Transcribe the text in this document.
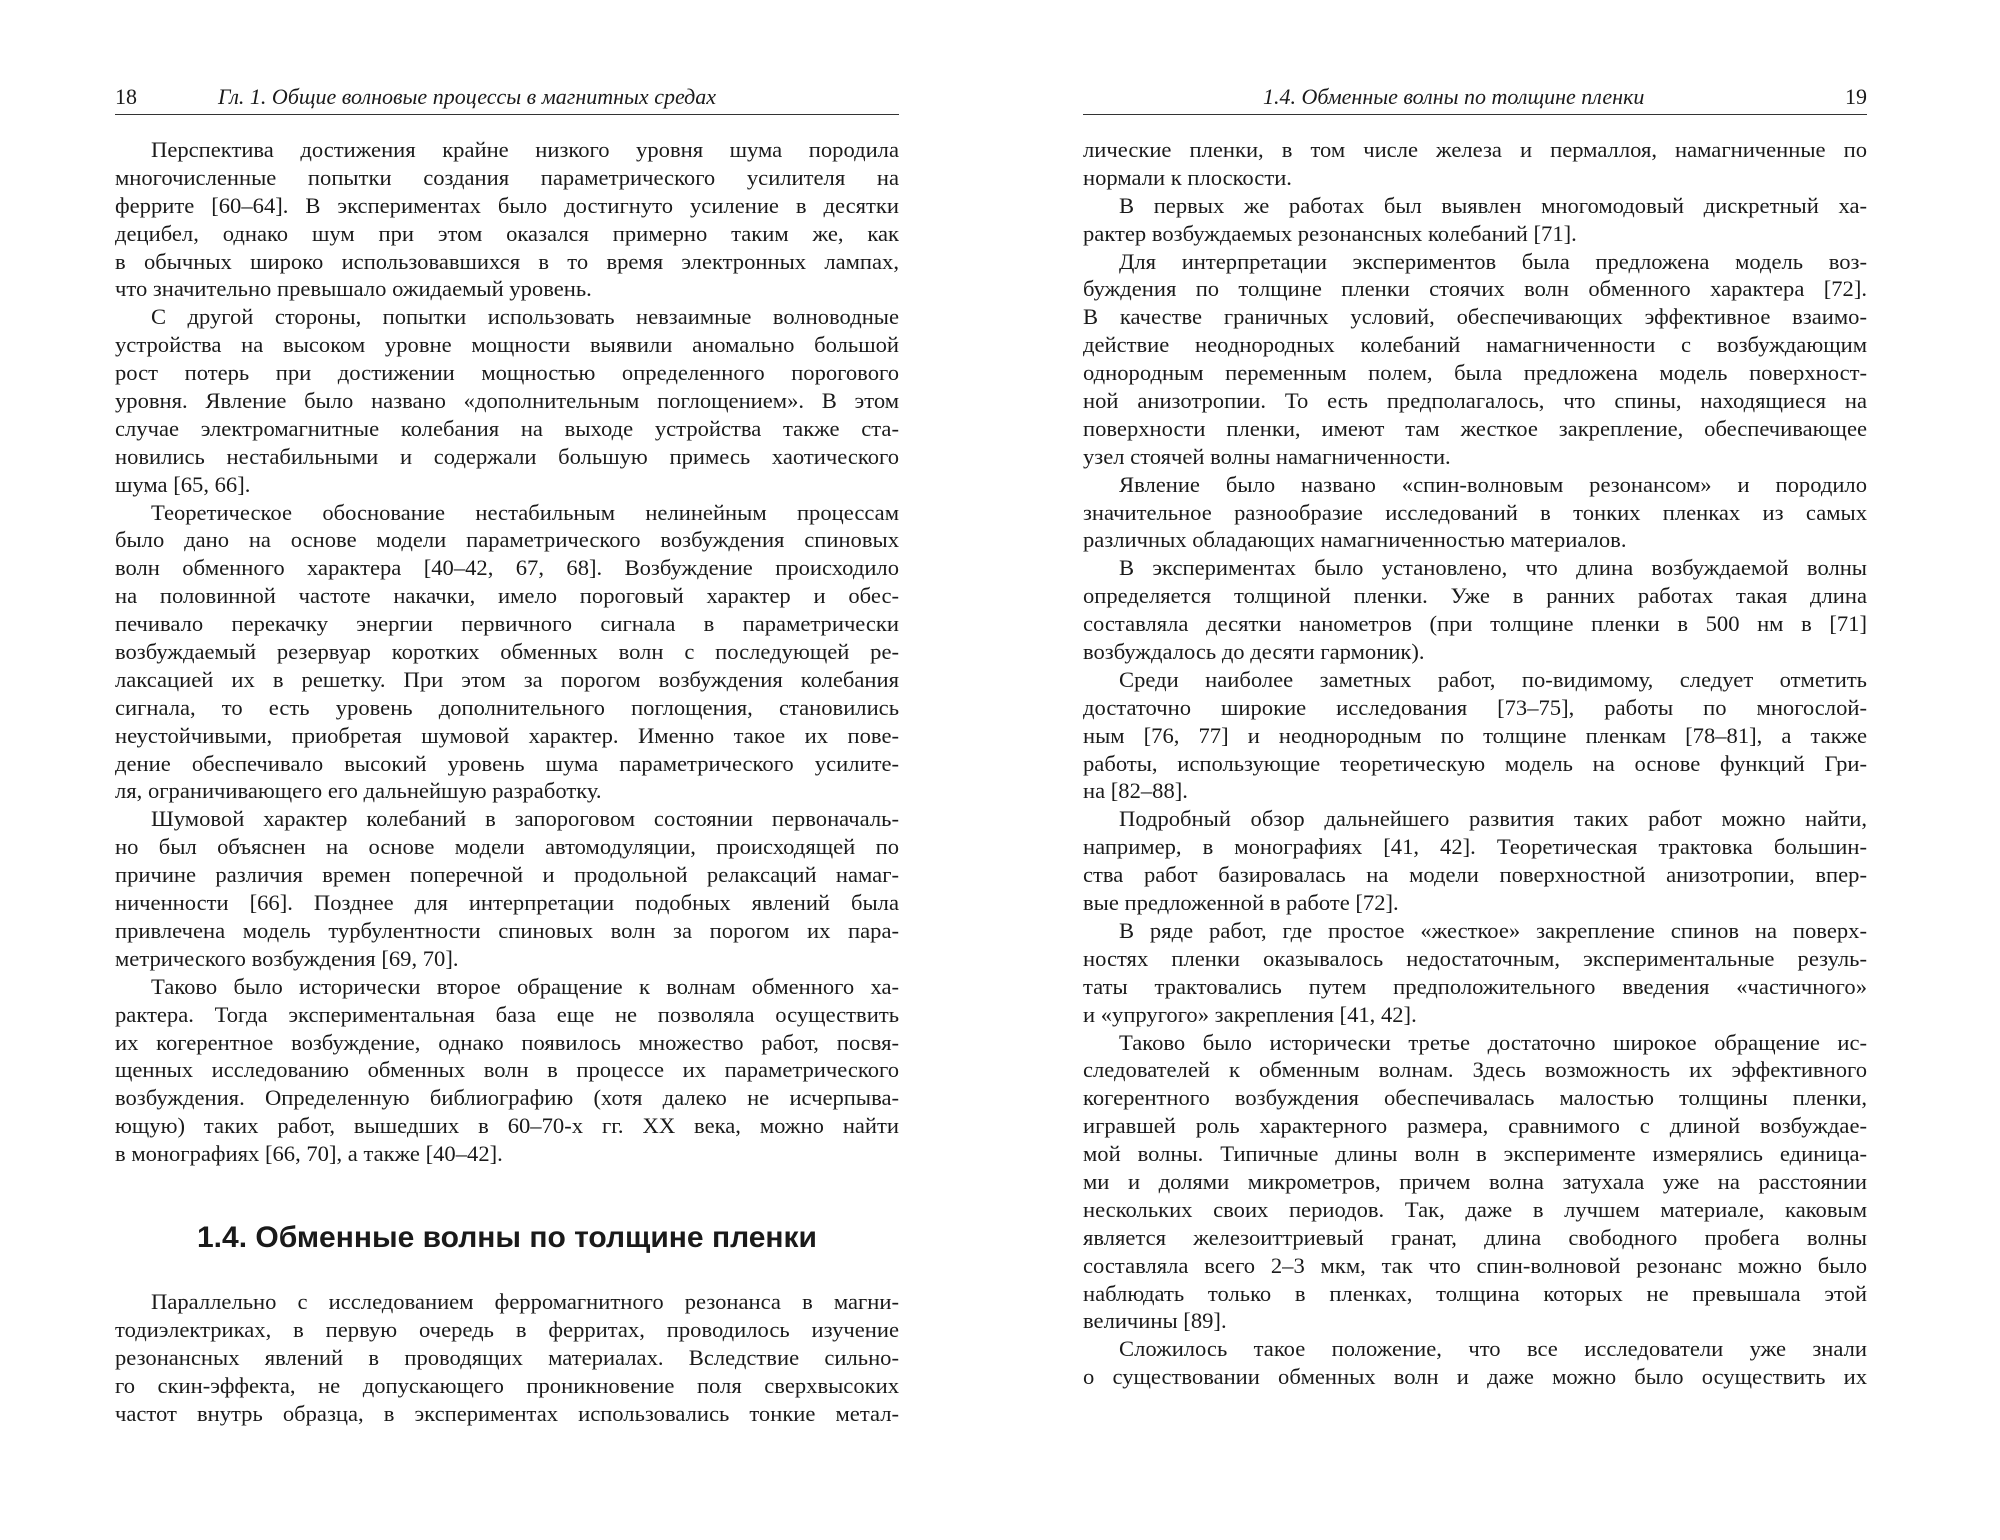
18	Гл. 1. Общие волновые процессы в магнитных средах
Перспектива достижения крайне низкого уровня шума породила
многочисленные попытки создания параметрического усилителя на
феррите [60–64]. В экспериментах было достигнуто усиление в десятки
децибел, однако шум при этом оказался примерно таким же, как
в обычных широко использовавшихся в то время электронных лампах,
что значительно превышало ожидаемый уровень.
С другой стороны, попытки использовать невзаимные волноводные
устройства на высоком уровне мощности выявили аномально большой
рост потерь при достижении мощностью определенного порогового
уровня. Явление было названо «дополнительным поглощением». В этом
случае электромагнитные колебания на выходе устройства также ста-
новились нестабильными и содержали большую примесь хаотического
шума [65, 66].
Теоретическое обоснование нестабильным нелинейным процессам
было дано на основе модели параметрического возбуждения спиновых
волн обменного характера [40–42, 67, 68]. Возбуждение происходило
на половинной частоте накачки, имело пороговый характер и обес-
печивало перекачку энергии первичного сигнала в параметрически
возбуждаемый резервуар коротких обменных волн с последующей ре-
лаксацией их в решетку. При этом за порогом возбуждения колебания
сигнала, то есть уровень дополнительного поглощения, становились
неустойчивыми, приобретая шумовой характер. Именно такое их пове-
дение обеспечивало высокий уровень шума параметрического усилите-
ля, ограничивающего его дальнейшую разработку.
Шумовой характер колебаний в запороговом состоянии первоначаль-
но был объяснен на основе модели автомодуляции, происходящей по
причине различия времен поперечной и продольной релаксаций намаг-
ниченности [66]. Позднее для интерпретации подобных явлений была
привлечена модель турбулентности спиновых волн за порогом их пара-
метрического возбуждения [69, 70].
Таково было исторически второе обращение к волнам обменного ха-
рактера. Тогда экспериментальная база еще не позволяла осуществить
их когерентное возбуждение, однако появилось множество работ, посвя-
щенных исследованию обменных волн в процессе их параметрического
возбуждения. Определенную библиографию (хотя далеко не исчерпыва-
ющую) таких работ, вышедших в 60–70-х гг. XX века, можно найти
в монографиях [66, 70], а также [40–42].
1.4. Обменные волны по толщине пленки
Параллельно с исследованием ферромагнитного резонанса в магни-
тодиэлектриках, в первую очередь в ферритах, проводилось изучение
резонансных явлений в проводящих материалах. Вследствие сильно-
го скин-эффекта, не допускающего проникновение поля сверхвысоких
частот внутрь образца, в экспериментах использовались тонкие метал-
1.4. Обменные волны по толщине пленки	19
лические пленки, в том числе железа и пермаллоя, намагниченные по
нормали к плоскости.
В первых же работах был выявлен многомодовый дискретный ха-
рактер возбуждаемых резонансных колебаний [71].
Для интерпретации экспериментов была предложена модель воз-
буждения по толщине пленки стоячих волн обменного характера [72].
В качестве граничных условий, обеспечивающих эффективное взаимо-
действие неоднородных колебаний намагниченности с возбуждающим
однородным переменным полем, была предложена модель поверхност-
ной анизотропии. То есть предполагалось, что спины, находящиеся на
поверхности пленки, имеют там жесткое закрепление, обеспечивающее
узел стоячей волны намагниченности.
Явление было названо «спин-волновым резонансом» и породило
значительное разнообразие исследований в тонких пленках из самых
различных обладающих намагниченностью материалов.
В экспериментах было установлено, что длина возбуждаемой волны
определяется толщиной пленки. Уже в ранних работах такая длина
составляла десятки нанометров (при толщине пленки в 500 нм в [71]
возбуждалось до десяти гармоник).
Среди наиболее заметных работ, по-видимому, следует отметить
достаточно широкие исследования [73–75], работы по многослой-
ным [76, 77] и неоднородным по толщине пленкам [78–81], а также
работы, использующие теоретическую модель на основе функций Гри-
на [82–88].
Подробный обзор дальнейшего развития таких работ можно найти,
например, в монографиях [41, 42]. Теоретическая трактовка большин-
ства работ базировалась на модели поверхностной анизотропии, впер-
вые предложенной в работе [72].
В ряде работ, где простое «жесткое» закрепление спинов на поверх-
ностях пленки оказывалось недостаточным, экспериментальные резуль-
таты трактовались путем предположительного введения «частичного»
и «упругого» закрепления [41, 42].
Таково было исторически третье достаточно широкое обращение ис-
следователей к обменным волнам. Здесь возможность их эффективного
когерентного возбуждения обеспечивалась малостью толщины пленки,
игравшей роль характерного размера, сравнимого с длиной возбуждае-
мой волны. Типичные длины волн в эксперименте измерялись единица-
ми и долями микрометров, причем волна затухала уже на расстоянии
нескольких своих периодов. Так, даже в лучшем материале, каковым
является железоиттриевый гранат, длина свободного пробега волны
составляла всего 2–3 мкм, так что спин-волновой резонанс можно было
наблюдать только в пленках, толщина которых не превышала этой
величины [89].
Сложилось такое положение, что все исследователи уже знали
о существовании обменных волн и даже можно было осуществить их
